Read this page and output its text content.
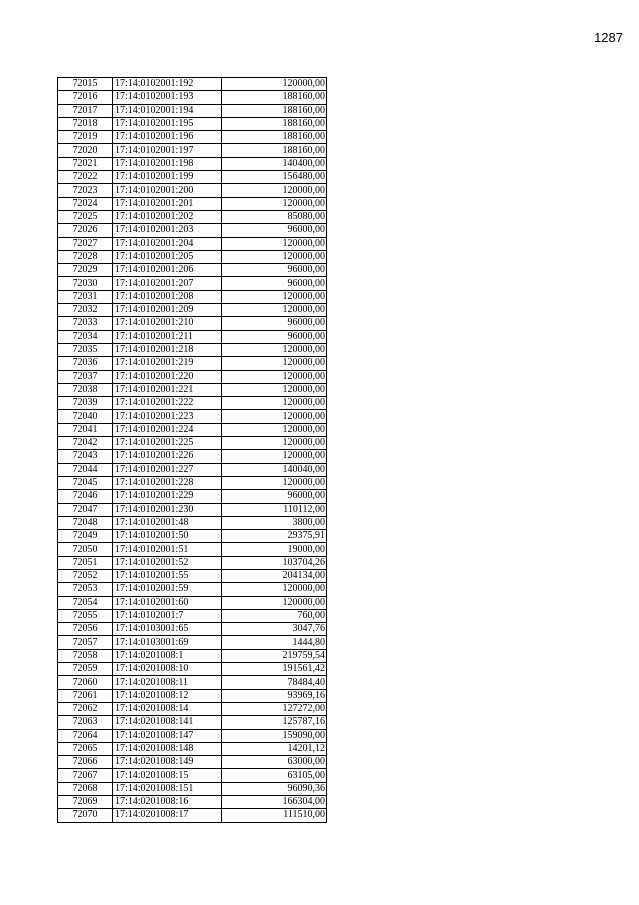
1287
72015	17:14:0102001:192	120000,00
72016	17:14:0102001:193	188160,00
72017	17:14:0102001:194	188160,00
72018	17:14:0102001:195	188160,00
72019	17:14:0102001:196	188160,00
72020	17:14:0102001:197	188160,00
72021	17:14:0102001:198	140400,00
72022	17:14:0102001:199	156480,00
72023	17:14:0102001:200	120000,00
72024	17:14:0102001:201	120000,00
72025	17:14:0102001:202	85080,00
72026	17:14:0102001:203	96000,00
72027	17:14:0102001:204	120000,00
72028	17:14:0102001:205	120000,00
72029	17:14:0102001:206	96000,00
72030	17:14:0102001:207	96000,00
72031	17:14:0102001:208	120000,00
72032	17:14:0102001:209	120000,00
72033	17:14:0102001:210	96000,00
72034	17:14:0102001:211	96000,00
72035	17:14:0102001:218	120000,00
72036	17:14:0102001:219	120000,00
72037	17:14:0102001:220	120000,00
72038	17:14:0102001:221	120000,00
72039	17:14:0102001:222	120000,00
72040	17:14:0102001:223	120000,00
72041	17:14:0102001:224	120000,00
72042	17:14:0102001:225	120000,00
72043	17:14:0102001:226	120000,00
72044	17:14:0102001:227	140040,00
72045	17:14:0102001:228	120000,00
72046	17:14:0102001:229	96000,00
72047	17:14:0102001:230	110112,00
72048	17:14:0102001:48	3800,00
72049	17:14:0102001:50	29375,91
72050	17:14:0102001:51	19000,00
72051	17:14:0102001:52	103704,26
72052	17:14:0102001:55	204134,00
72053	17:14:0102001:59	120000,00
72054	17:14:0102001:60	120000,00
72055	17:14:0102001:7	760,00
72056	17:14:0103001:65	3047,76
72057	17:14:0103001:69	1444,80
72058	17:14:0201008:1	219759,54
72059	17:14:0201008:10	191561,42
72060	17:14:0201008:11	78484,40
72061	17:14:0201008:12	93969,16
72062	17:14:0201008:14	127272,00
72063	17:14:0201008:141	125787,16
72064	17:14:0201008:147	159090,00
72065	17:14:0201008:148	14201,12
72066	17:14:0201008:149	63000,00
72067	17:14:0201008:15	63105,00
72068	17:14:0201008:151	96090,36
72069	17:14:0201008:16	166304,00
72070	17:14:0201008:17	111510,00
